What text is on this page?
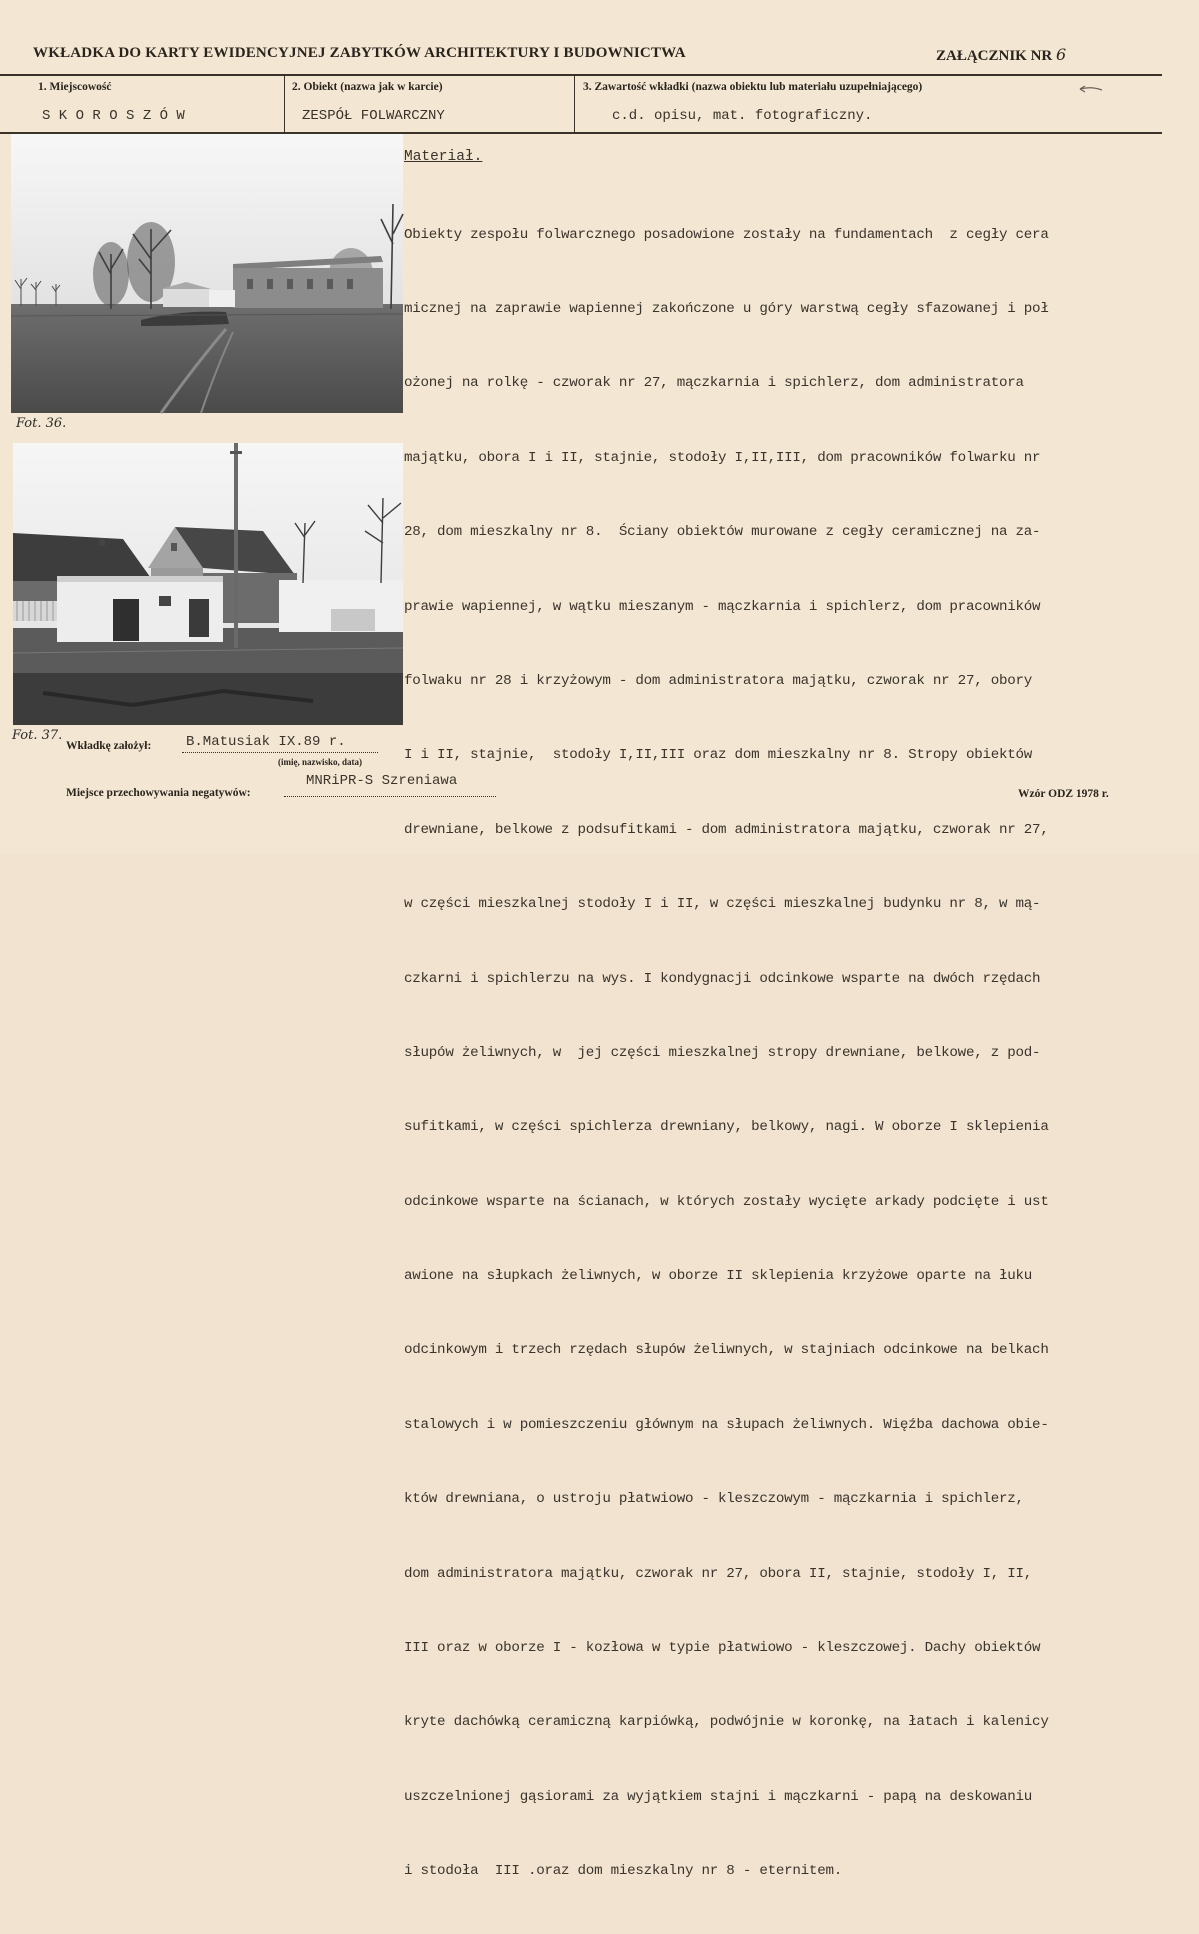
WKŁADKA DO KARTY EWIDENCYJNEJ ZABYTKÓW ARCHITEKTURY I BUDOWNICTWA	ZAŁĄCZNIK NR 6
1. Miejscowość	2. Obiekt (nazwa jak w karcie)	3. Zawartość wkładki (nazwa obiektu lub materiału uzupełniającego)
S K O R O S Z Ó W	ZESPÓŁ FOLWARCZNY	c.d. opisu, mat. fotograficzny.
Fot. 36.
Fot. 37.
Materiał.

Obiekty zespołu folwarcznego posadowione zostały na fundamentach  z cegły cera

micznej na zaprawie wapiennej zakończone u góry warstwą cegły sfazowanej i poł

ożonej na rolkę - czworak nr 27, mączkarnia i spichlerz, dom administratora

majątku, obora I i II, stajnie, stodoły I,II,III, dom pracowników folwarku nr

28, dom mieszkalny nr 8.  Ściany obiektów murowane z cegły ceramicznej na za-

prawie wapiennej, w wątku mieszanym - mączkarnia i spichlerz, dom pracowników

folwaku nr 28 i krzyżowym - dom administratora majątku, czworak nr 27, obory

I i II, stajnie,  stodoły I,II,III oraz dom mieszkalny nr 8. Stropy obiektów

drewniane, belkowe z podsufitkami - dom administratora majątku, czworak nr 27,

w części mieszkalnej stodoły I i II, w części mieszkalnej budynku nr 8, w mą-

czkarni i spichlerzu na wys. I kondygnacji odcinkowe wsparte na dwóch rzędach

słupów żeliwnych, w  jej części mieszkalnej stropy drewniane, belkowe, z pod-

sufitkami, w części spichlerza drewniany, belkowy, nagi. W oborze I sklepienia

odcinkowe wsparte na ścianach, w których zostały wycięte arkady podcięte i ust

awione na słupkach żeliwnych, w oborze II sklepienia krzyżowe oparte na łuku

odcinkowym i trzech rzędach słupów żeliwnych, w stajniach odcinkowe na belkach

stalowych i w pomieszczeniu głównym na słupach żeliwnych. Więźba dachowa obie-

któw drewniana, o ustroju płatwiowo - kleszczowym - mączkarnia i spichlerz,

dom administratora majątku, czworak nr 27, obora II, stajnie, stodoły I, II,

III oraz w oborze I - kozłowa w typie płatwiowo - kleszczowej. Dachy obiektów

kryte dachówką ceramiczną karpiówką, podwójnie w koronkę, na łatach i kalenicy

uszczelnionej gąsiorami za wyjątkiem stajni i mączkarni - papą na deskowaniu

i stodoła  III .oraz dom mieszkalny nr 8 - eternitem.

Wkładkę założył: B.Matusiak IX.89 r.
(imię, nazwisko, data)
Miejsce przechowywania negatywów:
MNRiPR-S Szreniawa
Wzór ODZ 1978 r.
